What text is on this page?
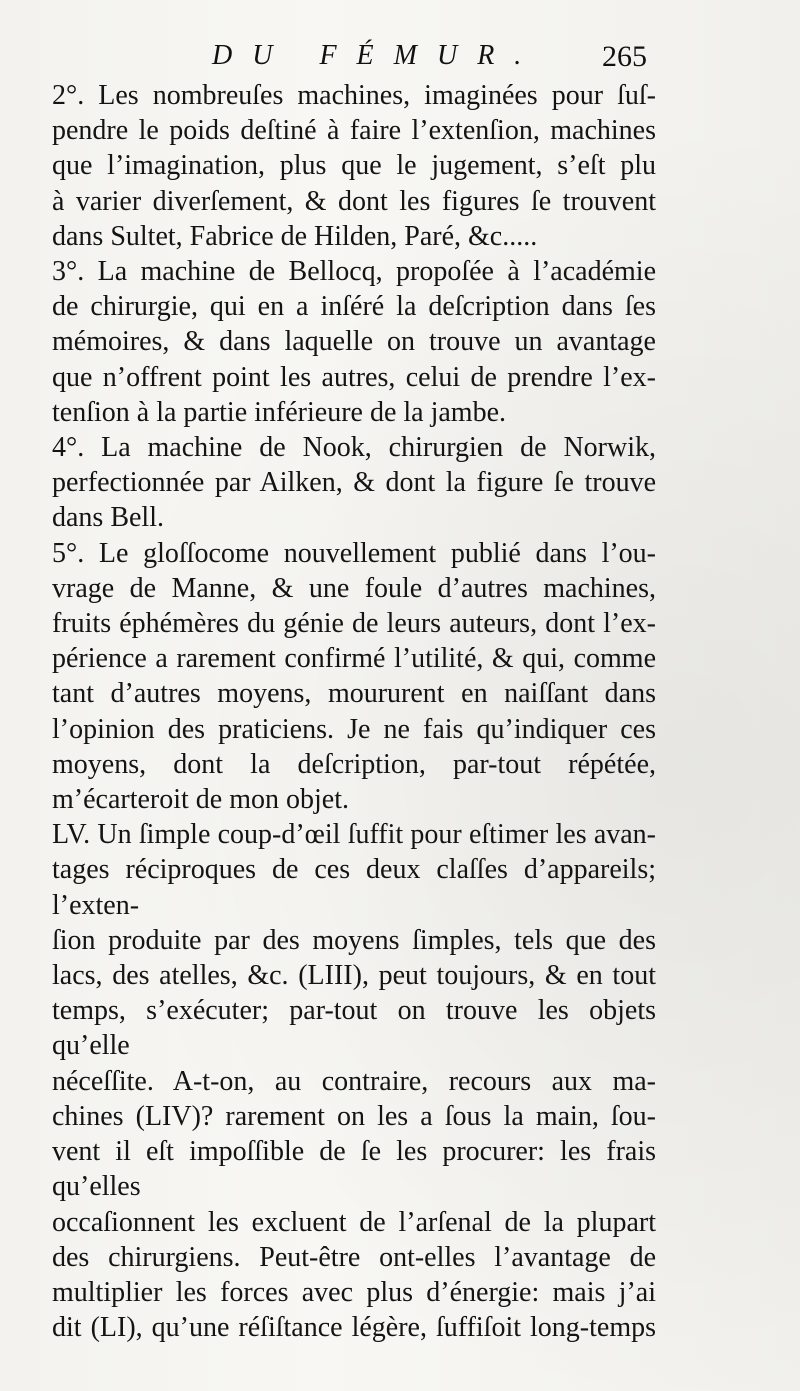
DU FÉMUR. 265

2°. Les nombreuſes machines, imaginées pour ſuſ-

pendre le poids deſtiné à faire l’extenſion, machines

que l’imagination, plus que le jugement, s’eſt plu

à varier diverſement, & dont les figures ſe trouvent

dans Sultet, Fabrice de Hilden, Paré, &c.....

3°. La machine de Bellocq, propoſée à l’académie

de chirurgie, qui en a inſéré la deſcription dans ſes

mémoires, & dans laquelle on trouve un avantage

que n’offrent point les autres, celui de prendre l’ex-

tenſion à la partie inférieure de la jambe.

4°. La machine de Nook, chirurgien de Norwik,

perfectionnée par Ailken, & dont la figure ſe trouve

dans Bell.

5°. Le gloſſocome nouvellement publié dans l’ou-

vrage de Manne, & une foule d’autres machines,

fruits éphémères du génie de leurs auteurs, dont l’ex-

périence a rarement confirmé l’utilité, & qui, comme

tant d’autres moyens, moururent en naiſſant dans

l’opinion des praticiens. Je ne fais qu’indiquer ces

moyens, dont la deſcription, par-tout répétée,

m’écarteroit de mon objet.

LV. Un ſimple coup-d’œil ſuffit pour eſtimer les avan-

tages réciproques de ces deux claſſes d’appareils; l’exten-

ſion produite par des moyens ſimples, tels que des

lacs, des atelles, &c. (LIII), peut toujours, & en tout

temps, s’exécuter; par-tout on trouve les objets qu’elle

néceſſite. A-t-on, au contraire, recours aux ma-

chines (LIV)? rarement on les a ſous la main, ſou-

vent il eſt impoſſible de ſe les procurer: les frais qu’elles

occaſionnent les excluent de l’arſenal de la plupart

des chirurgiens. Peut-être ont-elles l’avantage de

multiplier les forces avec plus d’énergie: mais j’ai

dit (LI), qu’une réſiſtance légère, ſuffiſoit long-temps
